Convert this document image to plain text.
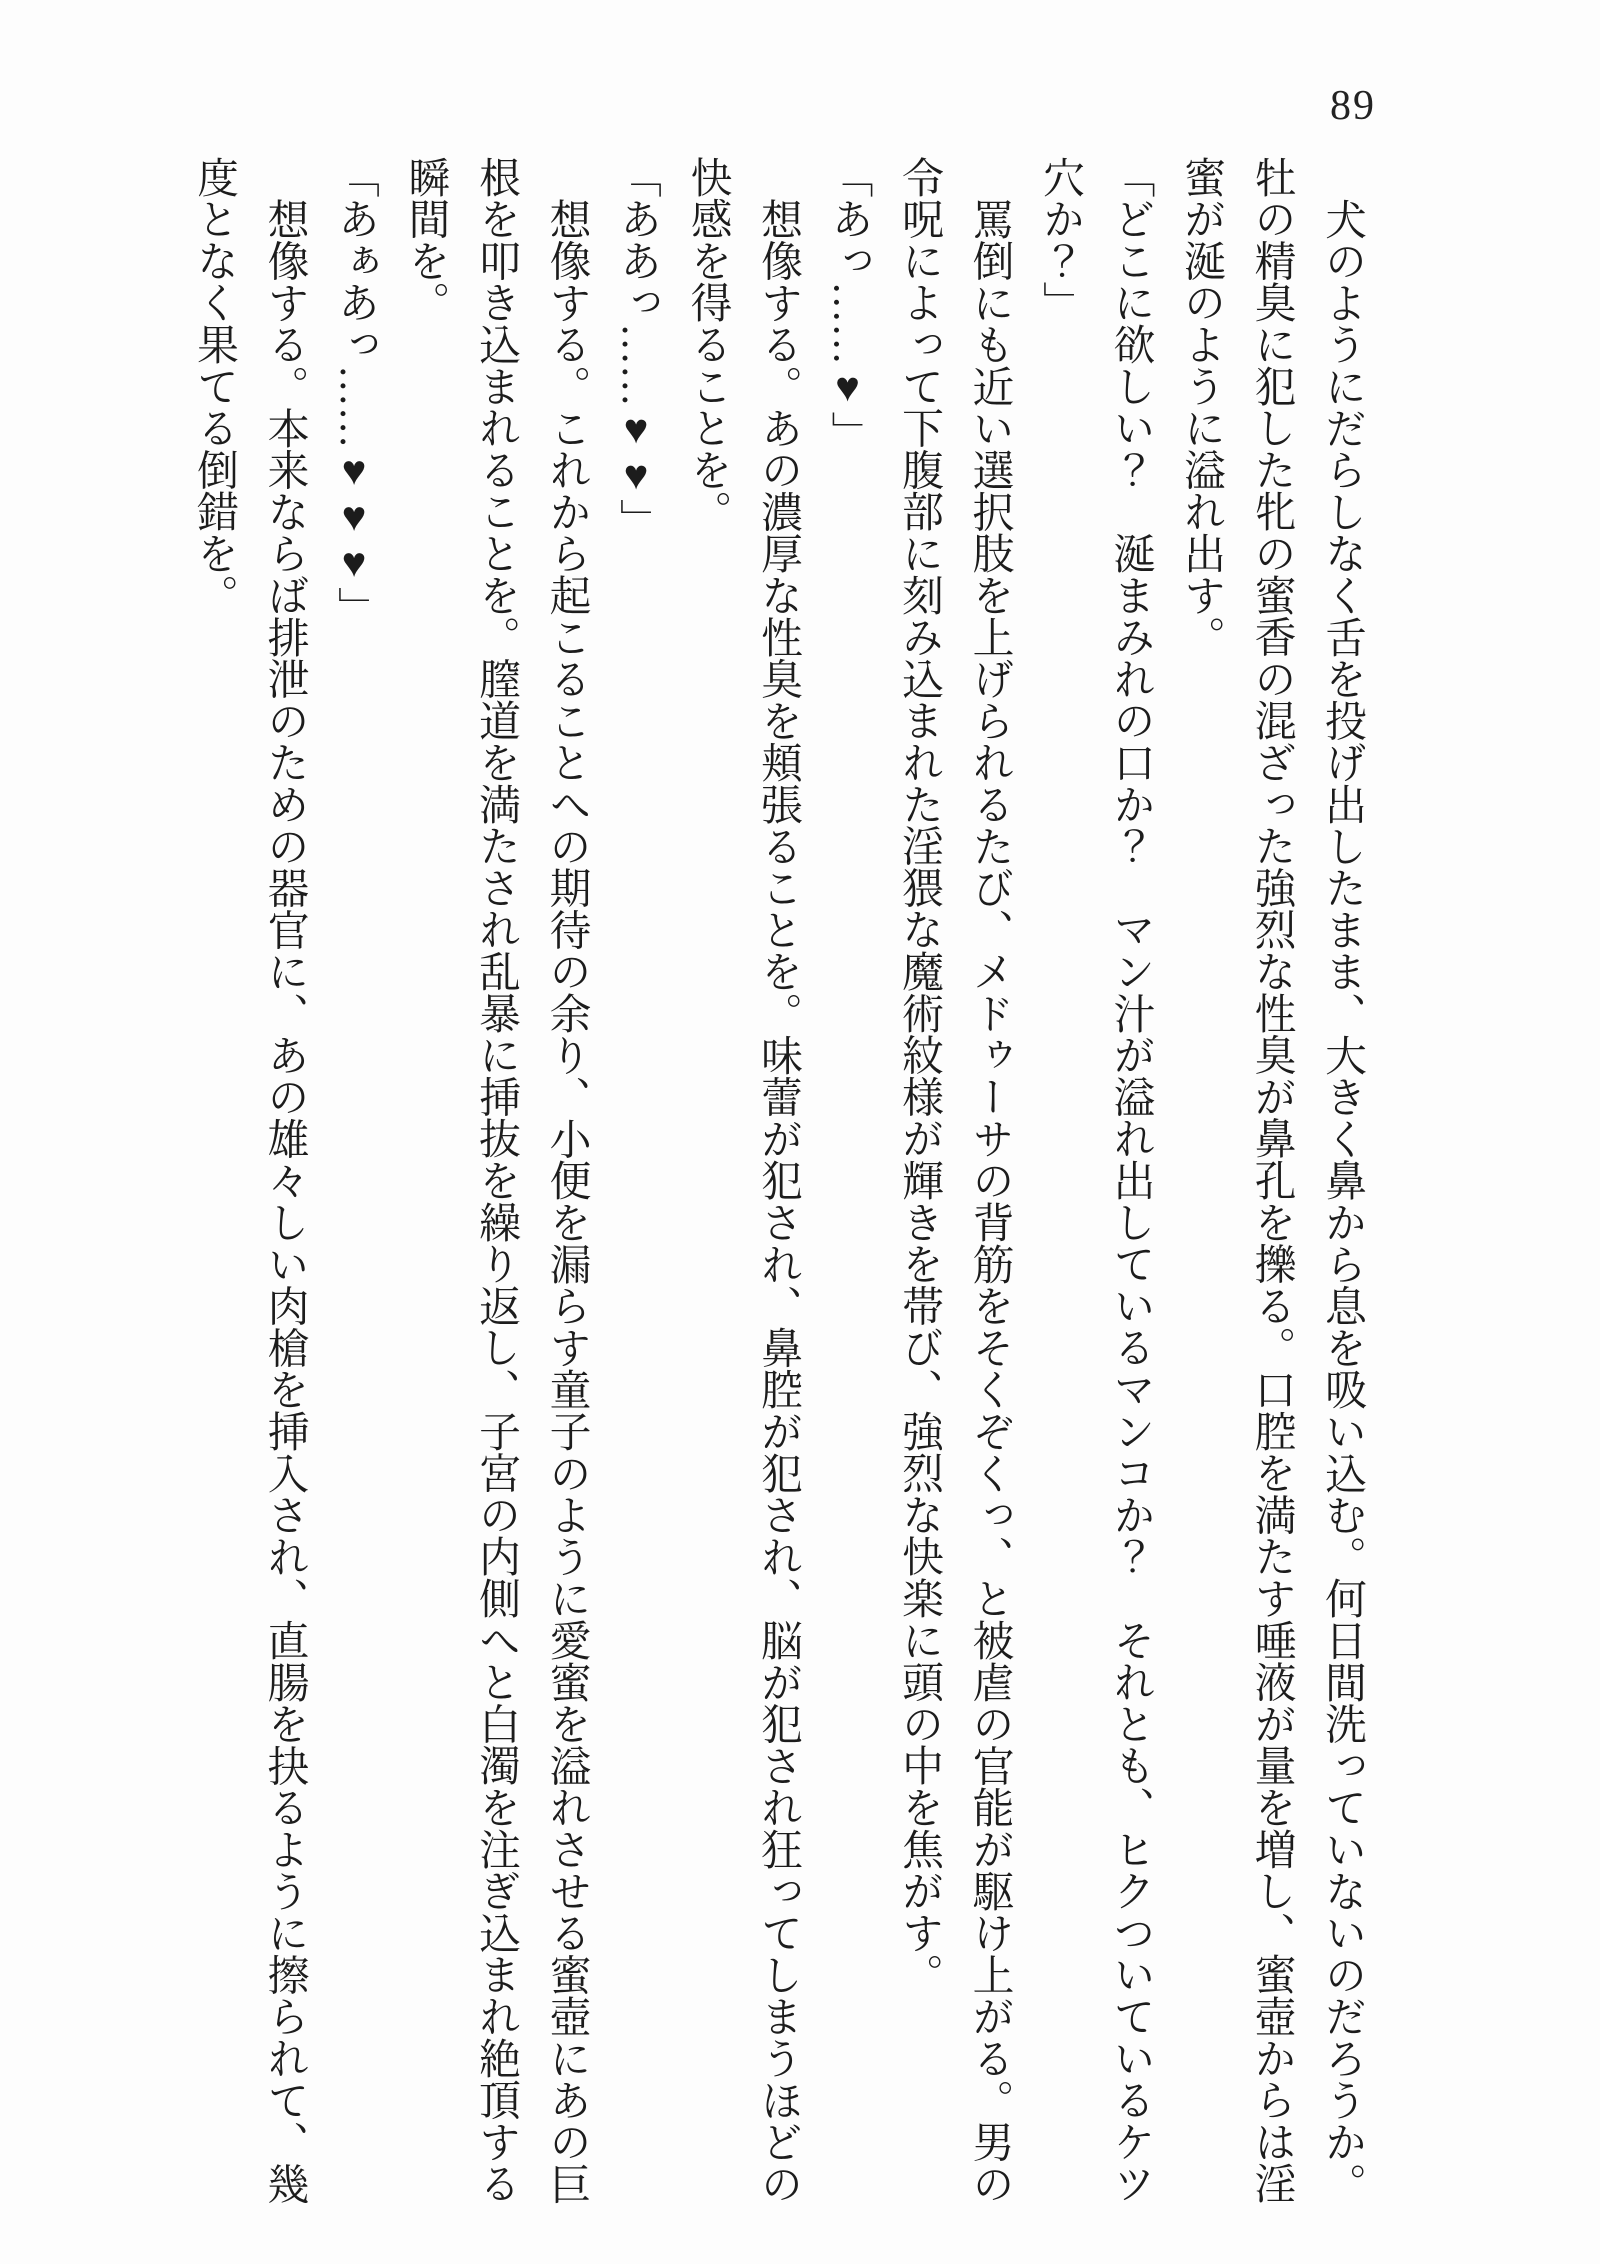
89

犬のようにだらしなく舌を投げ出したまま、大きく鼻から息を吸い込む。何日間洗っていないのだろうか。牡の精臭に犯した牝の蜜香の混ざった強烈な性臭が鼻孔を擽る。口腔を満たす唾液が量を増し、蜜壺からは淫蜜が涎のように溢れ出す。

「どこに欲しい？　涎まみれの口か？　マン汁が溢れ出しているマンコか？　それとも、ヒクついているケツ穴か？」

罵倒にも近い選択肢を上げられるたび、メドゥーサの背筋をそくぞくっ、と被虐の官能が駆け上がる。男の令呪によって下腹部に刻み込まれた淫猥な魔術紋様が輝きを帯び、強烈な快楽に頭の中を焦がす。

「あっ……♥」

想像する。あの濃厚な性臭を頬張ることを。味蕾が犯され、鼻腔が犯され、脳が犯され狂ってしまうほどの快感を得ることを。

「ああっ……♥♥」

想像する。これから起こることへの期待の余り、小便を漏らす童子のように愛蜜を溢れさせる蜜壺にあの巨根を叩き込まれることを。膣道を満たされ乱暴に挿抜を繰り返し、子宮の内側へと白濁を注ぎ込まれ絶頂する瞬間を。

「あぁあっ……♥♥♥」

想像する。本来ならば排泄のための器官に、あの雄々しい肉槍を挿入され、直腸を抉るように擦られて、幾度となく果てる倒錯を。
